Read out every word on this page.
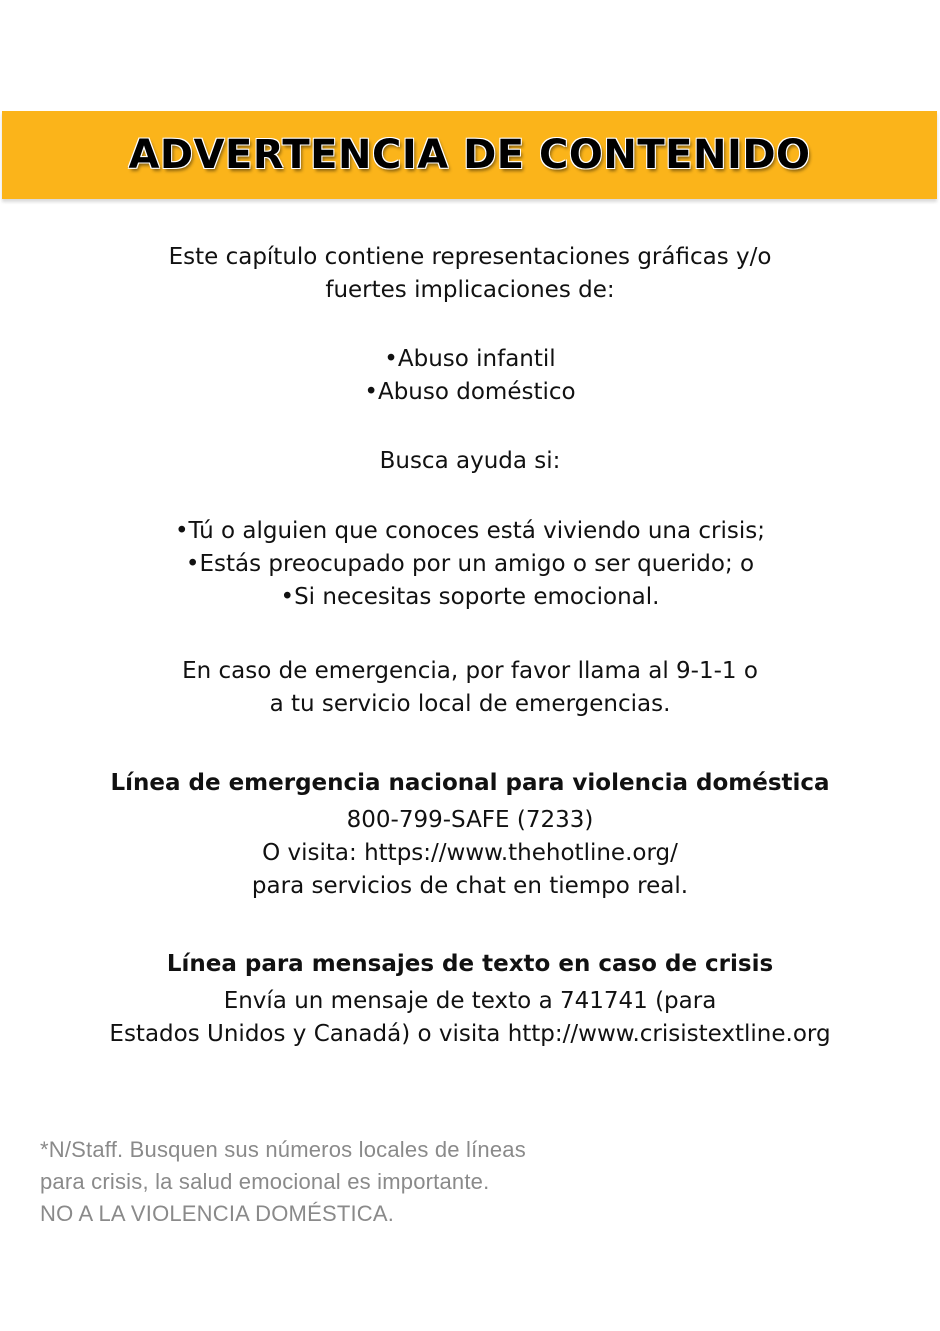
ADVERTENCIA DE CONTENIDO
Este capítulo contiene representaciones gráficas y/o
fuertes implicaciones de:
•Abuso infantil
•Abuso doméstico
Busca ayuda si:
•Tú o alguien que conoces está viviendo una crisis;
•Estás preocupado por un amigo o ser querido; o
•Si necesitas soporte emocional.
En caso de emergencia, por favor llama al 9-1-1 o
a tu servicio local de emergencias.
Línea de emergencia nacional para violencia doméstica
800-799-SAFE (7233)
O visita: https://www.thehotline.org/
para servicios de chat en tiempo real.
Línea para mensajes de texto en caso de crisis
Envía un mensaje de texto a 741741 (para
Estados Unidos y Canadá) o visita http://www.crisistextline.org
*N/Staff. Busquen sus números locales de líneas
para crisis, la salud emocional es importante.
NO A LA VIOLENCIA DOMÉSTICA.
